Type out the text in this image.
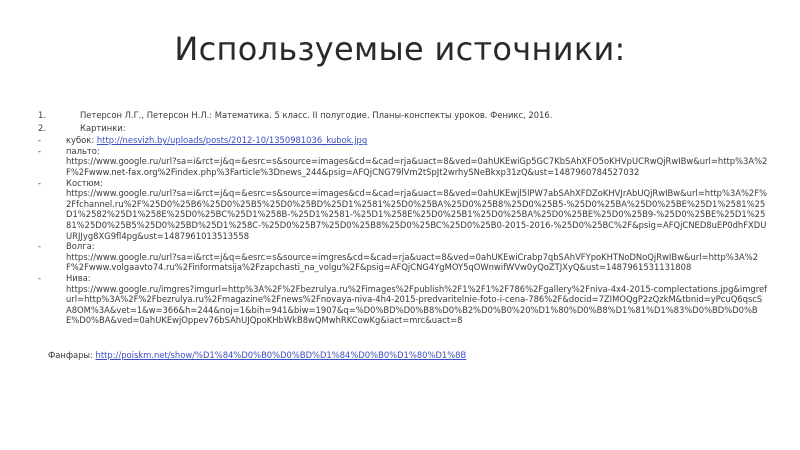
Используемые источники:
1.	Петерсон Л.Г., Петерсон Н.Л.: Математика. 5 класс. II полугодие. Планы-конспекты уроков. Феникс, 2016.
2.	Картинки:
-	кубок: http://nesvizh.by/uploads/posts/2012-10/1350981036_kubok.jpg
-	пальто:
https://www.google.ru/url?sa=i&rct=j&q=&esrc=s&source=images&cd=&cad=rja&uact=8&ved=0ahUKEwiGp5GC7KbSAhXFO5oKHVpUCRwQjRwIBw&url=http%3A%2F%2Fwww.net-fax.org%2Findex.php%3Farticle%3Dnews_244&psig=AFQjCNG79lVm2tSpJt2wrhySNeBkxp31zQ&ust=1487960784527032
-	Костюм:
https://www.google.ru/url?sa=i&rct=j&q=&esrc=s&source=images&cd=&cad=rja&uact=8&ved=0ahUKEwjl5lPW7abSAhXFDZoKHVJrAbUQjRwIBw&url=http%3A%2F%2Ffchannel.ru%2F%25D0%25B6%25D0%25B5%25D0%25BD%25D1%2581%25D0%25BA%25D0%25B8%25D0%25B5-%25D0%25BA%25D0%25BE%25D1%2581%25D1%2582%25D1%258E%25D0%25BC%25D1%258B-%25D1%2581-%25D1%258E%25D0%25B1%25D0%25BA%25D0%25BE%25D0%25B9-%25D0%25BE%25D1%2581%25D0%25B5%25D0%25BD%25D1%258C-%25D0%25B7%25D0%25B8%25D0%25BC%25D0%25B0-2015-2016-%25D0%25BC%2F&psig=AFQjCNED8uEP0dhFXDUURJJyg8XG9fl4pg&ust=1487961013513558
-	Волга:
https://www.google.ru/url?sa=i&rct=j&q=&esrc=s&source=imgres&cd=&cad=rja&uact=8&ved=0ahUKEwiCrabp7qbSAhVFYpoKHTNoDNoQjRwIBw&url=http%3A%2F%2Fwww.volgaavto74.ru%2Finformatsija%2Fzapchasti_na_volgu%2F&psig=AFQjCNG4YgMOY5qOWnwifWVw0yQoZTJXyQ&ust=1487961531131808
-	Нива:
https://www.google.ru/imgres?imgurl=http%3A%2F%2Fbezrulya.ru%2Fimages%2Fpublish%2F1%2F1%2F786%2Fgallery%2Fniva-4x4-2015-complectations.jpg&imgrefurl=http%3A%2F%2Fbezrulya.ru%2Fmagazine%2Fnews%2Fnovaya-niva-4h4-2015-predvaritelnie-foto-i-cena-786%2F&docid=7ZIMOQgP2zQzkM&tbnid=yPcuQ6qscSA8OM%3A&vet=1&w=366&h=244&noj=1&bih=941&biw=1907&q=%D0%BD%D0%B8%D0%B2%D0%B0%20%D1%80%D0%B8%D1%81%D1%83%D0%BD%D0%BE%D0%BA&ved=0ahUKEwjOppev76bSAhUJQpoKHbWkB8wQMwhRKCowKg&iact=mrc&uact=8
Фанфары: http://poiskm.net/show/%D1%84%D0%B0%D0%BD%D1%84%D0%B0%D1%80%D1%8B
